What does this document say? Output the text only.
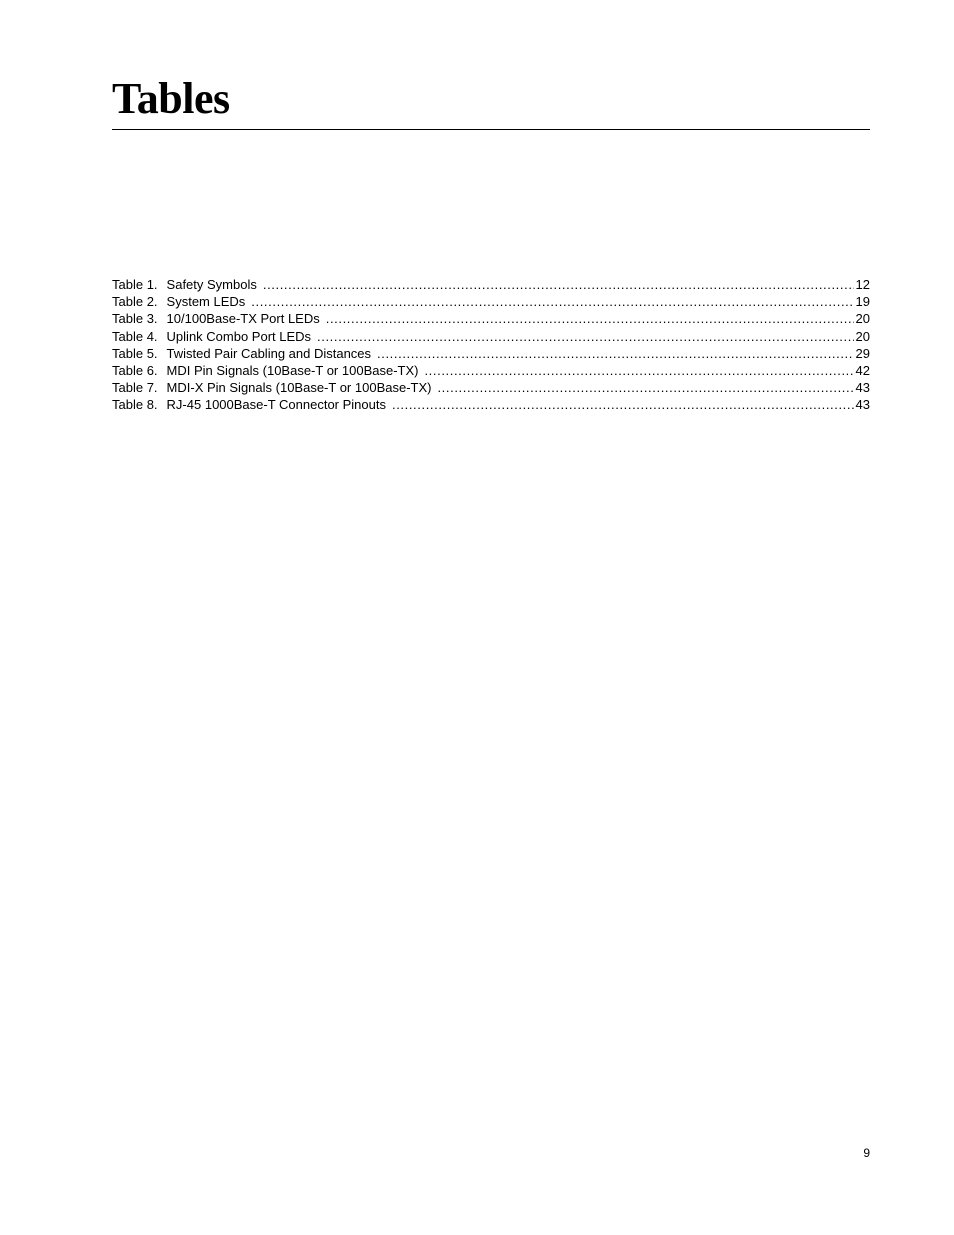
Tables
Table 1. Safety Symbols .....	12
Table 2. System LEDs .....	19
Table 3. 10/100Base-TX Port LEDs .....	20
Table 4. Uplink Combo Port LEDs .....	20
Table 5. Twisted Pair Cabling and Distances .....	29
Table 6. MDI Pin Signals (10Base-T or 100Base-TX) .....	42
Table 7. MDI-X Pin Signals (10Base-T or 100Base-TX) .....	43
Table 8. RJ-45 1000Base-T Connector Pinouts .....	43
9
